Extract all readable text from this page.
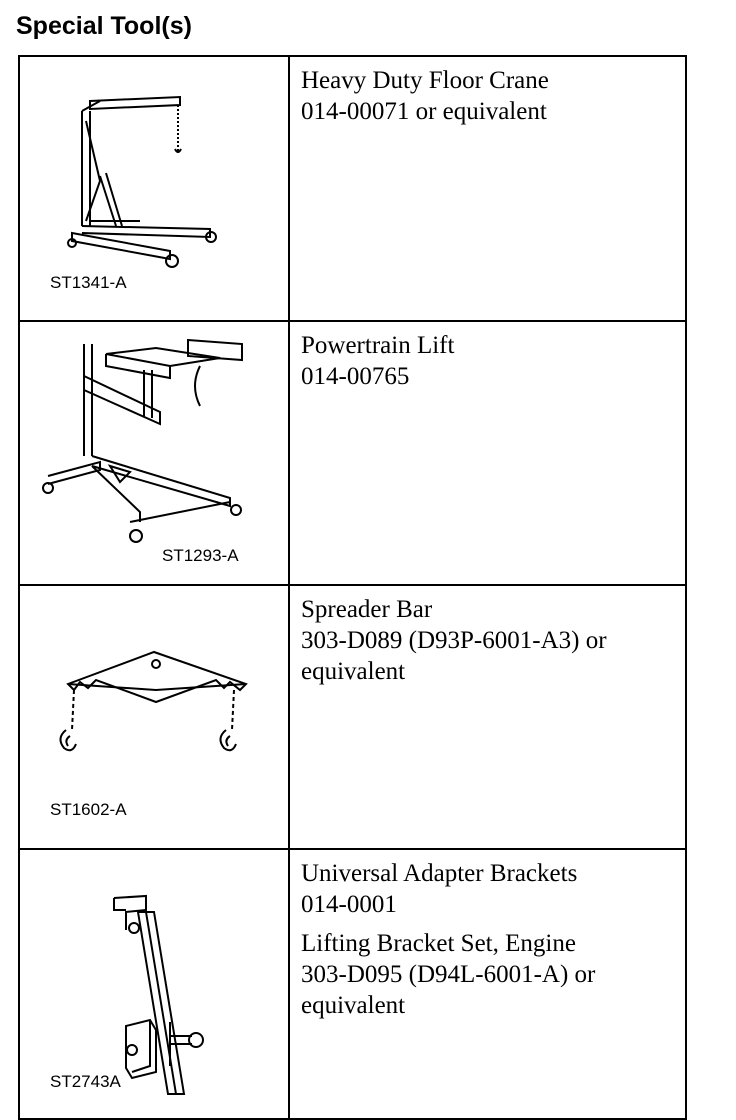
Special Tool(s)
ST1341-A	Heavy Duty Floor Crane
014-00071 or equivalent

ST1293-A	Powertrain Lift
014-00765

ST1602-A	Spreader Bar
303-D089 (D93P-6001-A3) or
equivalent

ST2743A	Universal Adapter Brackets
014-0001
Lifting Bracket Set, Engine
303-D095 (D94L-6001-A) or
equivalent
